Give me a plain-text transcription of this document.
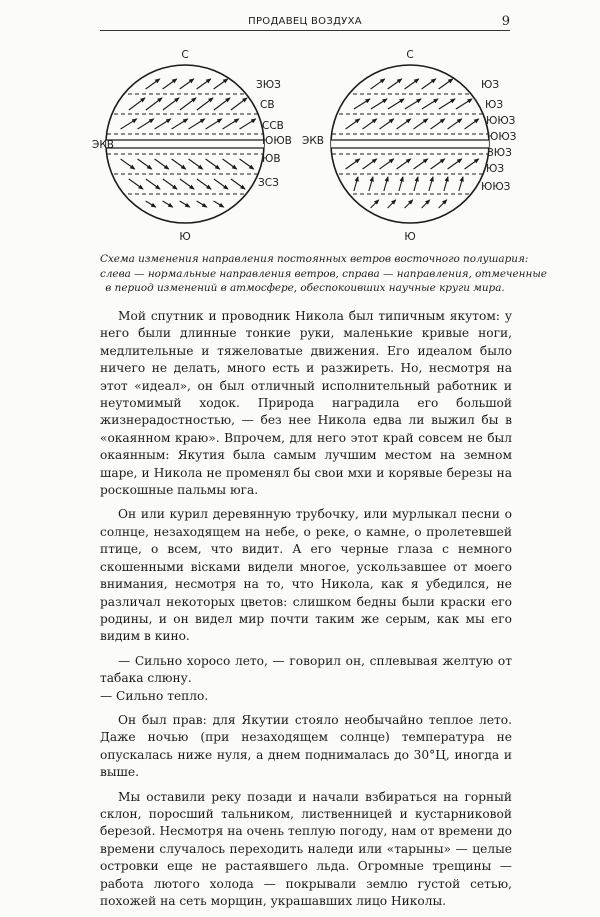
ПРОДАВЕЦ ВОЗДУХА	9
С
Ю
ЭКВ
ЗЮЗ
СВ
ССВ
ЮЮВ
ЮВ
ЗСЗ
С
Ю
ЭКВ
ЮЗ
ЮЗ
ЮЮЗ
ЮЮЗ
ЗЮЗ
ЮЗ
ЮЮЗ
Схема изменения направления постоянных ветров восточного полушария:
слева — нормальные направления ветров, справа — направления, отмеченные
в период изменений в атмосфере, обеспокоивших научные круги мира.

Мой спутник и проводник Никола был типичным якутом: у него были длинные тонкие руки, маленькие кривые ноги, медлительные и тяжеловатые движения. Его идеалом было ничего не делать, много есть и разжиреть. Но, несмотря на этот «идеал», он был отличный исполнительный работник и неутомимый ходок. Природа наградила его большой жизнерадостностью, — без нее Никола едва ли выжил бы в «окаянном краю». Впрочем, для него этот край совсем не был окаянным: Якутия была самым лучшим местом на земном шаре, и Никола не променял бы свои мхи и корявые березы на роскошные пальмы юга.

Он или курил деревянную трубочку, или мурлыкал песни о солнце, незаходящем на небе, о реке, о камне, о пролетевшей птице, о всем, что видит. А его черные глаза с немного скошенными вісками видели многое, ускользавшее от моего внимания, несмотря на то, что Никола, как я убедился, не различал некоторых цветов: слишком бедны были краски его родины, и он видел мир почти таким же серым, как мы его видим в кино.

— Сильно хоросо лето, — говорил он, сплевывая желтую от табака слюну.

— Сильно тепло.

Он был прав: для Якутии стояло необычайно теплое лето. Даже ночью (при незаходящем солнце) температура не опускалась ниже нуля, а днем поднималась до 30°Ц, иногда и выше.

Мы оставили реку позади и начали взбираться на горный склон, поросший тальником, лиственницей и кустарниковой березой. Несмотря на очень теплую погоду, нам от времени до времени случалось переходить наледи или «тарыны» — целые островки еще не растаявшего льда. Огромные трещины — работа лютого холода — покрывали землю густой сетью, похожей на сеть морщин, украшавших лицо Николы.
